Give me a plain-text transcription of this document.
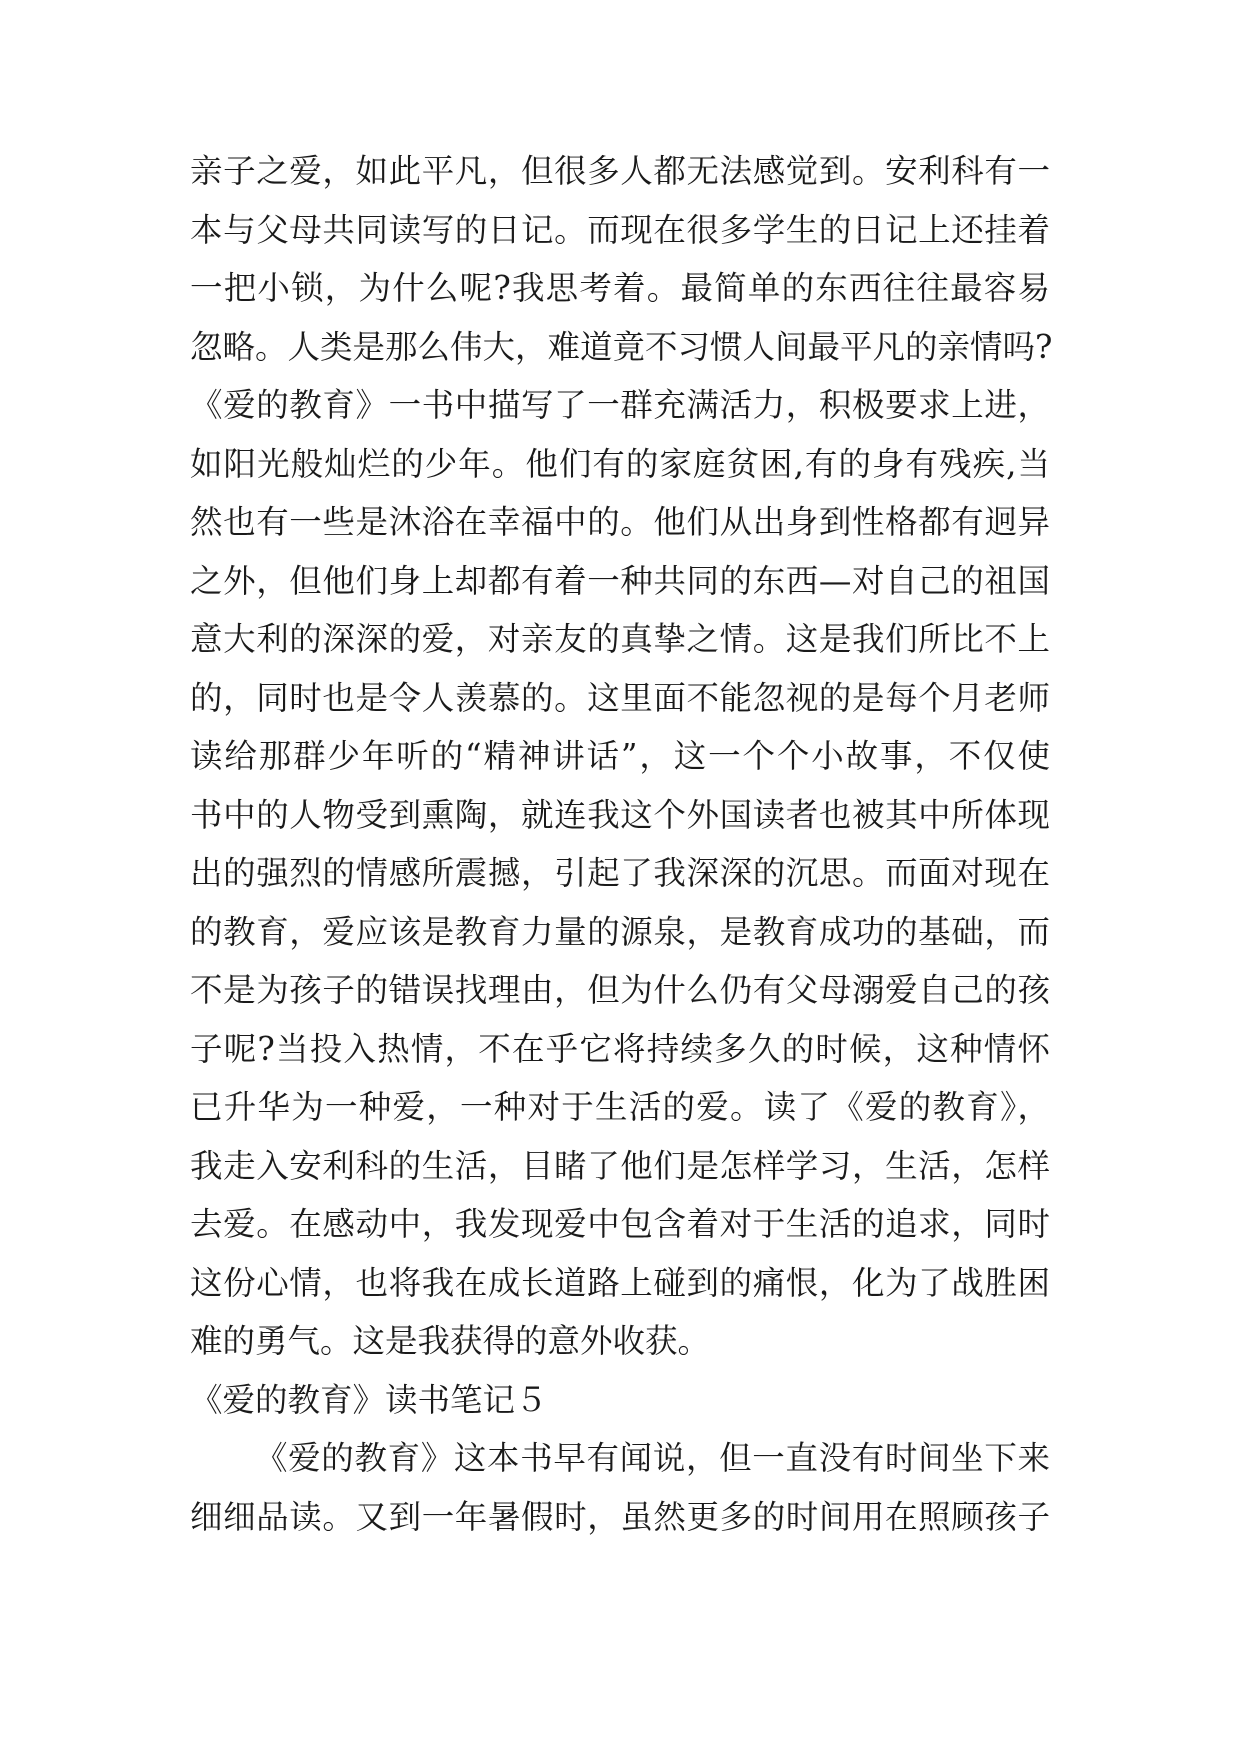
亲子之爱，如此平凡，但很多人都无法感觉到。安利科有一
本与父母共同读写的日记。而现在很多学生的日记上还挂着
一把小锁，为什么呢?我思考着。最简单的东西往往最容易
忽略。人类是那么伟大，难道竟不习惯人间最平凡的亲情吗?
《爱的教育》一书中描写了一群充满活力，积极要求上进，
如阳光般灿烂的少年。他们有的家庭贫困,有的身有残疾,当
然也有一些是沐浴在幸福中的。他们从出身到性格都有迥异
之外，但他们身上却都有着一种共同的东西—对自己的祖国
意大利的深深的爱，对亲友的真挚之情。这是我们所比不上
的，同时也是令人羡慕的。这里面不能忽视的是每个月老师
读给那群少年听的“精神讲话”，这一个个小故事，不仅使
书中的人物受到熏陶，就连我这个外国读者也被其中所体现
出的强烈的情感所震撼，引起了我深深的沉思。而面对现在
的教育，爱应该是教育力量的源泉，是教育成功的基础，而
不是为孩子的错误找理由，但为什么仍有父母溺爱自己的孩
子呢?当投入热情，不在乎它将持续多久的时候，这种情怀
已升华为一种爱，一种对于生活的爱。读了《爱的教育》，
我走入安利科的生活，目睹了他们是怎样学习，生活，怎样
去爱。在感动中，我发现爱中包含着对于生活的追求，同时
这份心情，也将我在成长道路上碰到的痛恨，化为了战胜困
难的勇气。这是我获得的意外收获。
《爱的教育》读书笔记５
《爱的教育》这本书早有闻说，但一直没有时间坐下来
细细品读。又到一年暑假时，虽然更多的时间用在照顾孩子
